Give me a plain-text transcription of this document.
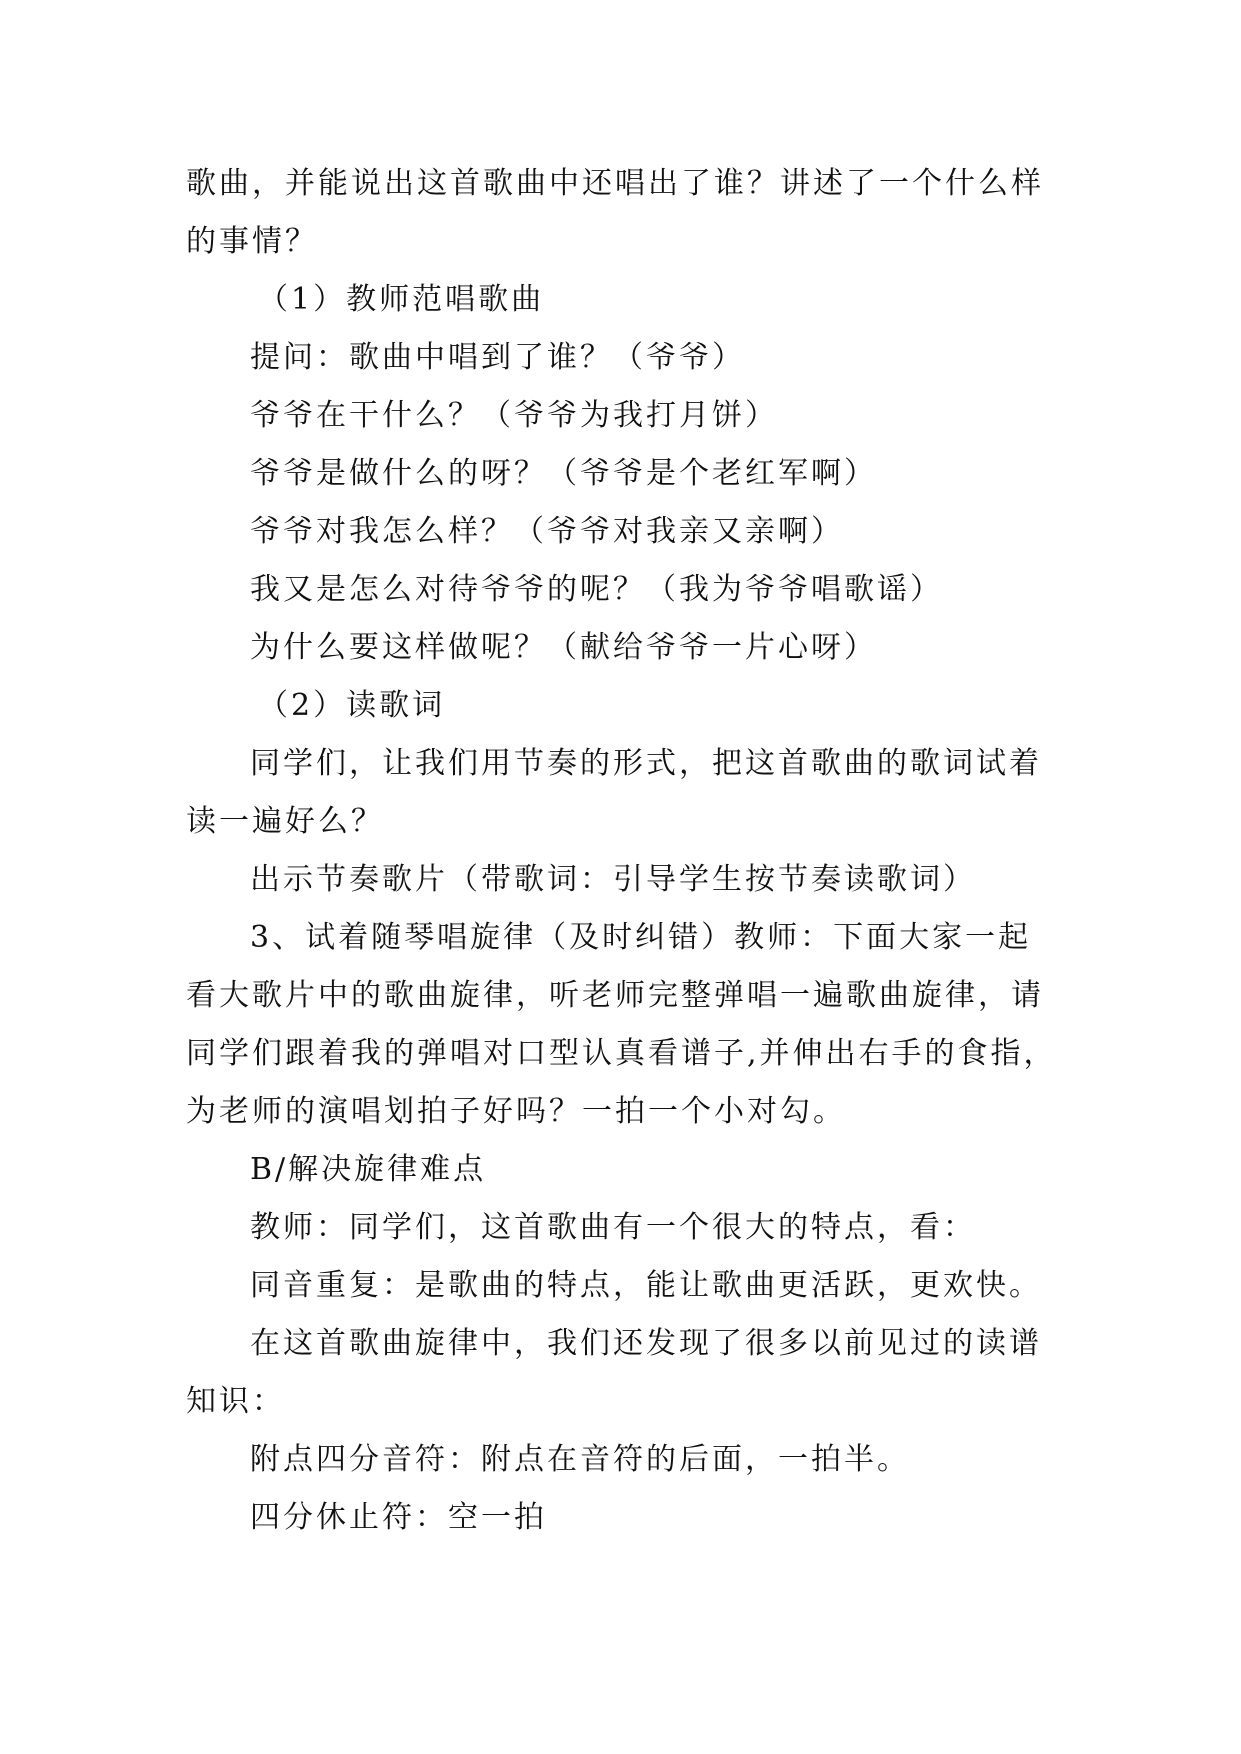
歌曲，并能说出这首歌曲中还唱出了谁？讲述了一个什么样
的事情？

（1）教师范唱歌曲

提问：歌曲中唱到了谁？（爷爷）

爷爷在干什么？（爷爷为我打月饼）

爷爷是做什么的呀？（爷爷是个老红军啊）

爷爷对我怎么样？（爷爷对我亲又亲啊）

我又是怎么对待爷爷的呢？（我为爷爷唱歌谣）

为什么要这样做呢？（献给爷爷一片心呀）

（2）读歌词

同学们，让我们用节奏的形式，把这首歌曲的歌词试着
读一遍好么？

出示节奏歌片（带歌词：引导学生按节奏读歌词）

3、试着随琴唱旋律（及时纠错）教师：下面大家一起
看大歌片中的歌曲旋律，听老师完整弹唱一遍歌曲旋律，请
同学们跟着我的弹唱对口型认真看谱子,并伸出右手的食指，
为老师的演唱划拍子好吗？一拍一个小对勾。

B/解决旋律难点

教师：同学们，这首歌曲有一个很大的特点，看：

同音重复：是歌曲的特点，能让歌曲更活跃，更欢快。

在这首歌曲旋律中，我们还发现了很多以前见过的读谱
知识：

附点四分音符：附点在音符的后面，一拍半。

四分休止符：空一拍
